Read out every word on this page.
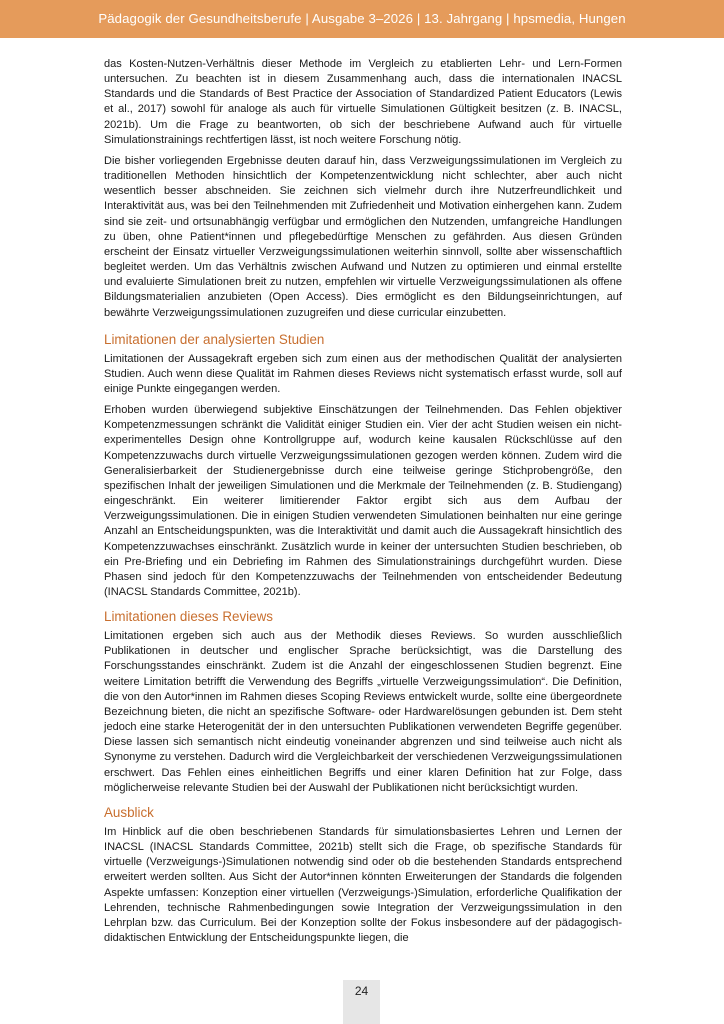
Pädagogik der Gesundheitsberufe | Ausgabe 3–2026 | 13. Jahrgang | hpsmedia, Hungen

das Kosten-Nutzen-Verhältnis dieser Methode im Vergleich zu etablierten Lehr- und Lern-Formen untersuchen. Zu beachten ist in diesem Zusammenhang auch, dass die internationalen INACSL Standards und die Standards of Best Practice der Association of Standardized Patient Educators (Lewis et al., 2017) sowohl für analoge als auch für virtuelle Simulationen Gültigkeit besitzen (z. B. INACSL, 2021b). Um die Frage zu beantworten, ob sich der beschriebene Aufwand auch für virtuelle Simulationstrainings rechtfertigen lässt, ist noch weitere Forschung nötig.

Die bisher vorliegenden Ergebnisse deuten darauf hin, dass Verzweigungssimulationen im Vergleich zu traditionellen Methoden hinsichtlich der Kompetenzentwicklung nicht schlechter, aber auch nicht wesentlich besser abschneiden. Sie zeichnen sich vielmehr durch ihre Nutzerfreundlichkeit und Interaktivität aus, was bei den Teilnehmenden mit Zufriedenheit und Motivation einhergehen kann. Zudem sind sie zeit- und ortsunabhängig verfügbar und ermöglichen den Nutzenden, umfangreiche Handlungen zu üben, ohne Patient*innen und pflegebedürftige Menschen zu gefährden. Aus diesen Gründen erscheint der Einsatz virtueller Verzweigungssimulationen weiterhin sinnvoll, sollte aber wissenschaftlich begleitet werden. Um das Verhältnis zwischen Aufwand und Nutzen zu optimieren und einmal erstellte und evaluierte Simulationen breit zu nutzen, empfehlen wir virtuelle Verzweigungssimulationen als offene Bildungsmaterialien anzubieten (Open Access). Dies ermöglicht es den Bildungseinrichtungen, auf bewährte Verzweigungssimulationen zuzugreifen und diese curricular einzubetten.

Limitationen der analysierten Studien

Limitationen der Aussagekraft ergeben sich zum einen aus der methodischen Qualität der analysierten Studien. Auch wenn diese Qualität im Rahmen dieses Reviews nicht systematisch erfasst wurde, soll auf einige Punkte eingegangen werden.

Erhoben wurden überwiegend subjektive Einschätzungen der Teilnehmenden. Das Fehlen objektiver Kompetenzmessungen schränkt die Validität einiger Studien ein. Vier der acht Studien weisen ein nicht-experimentelles Design ohne Kontrollgruppe auf, wodurch keine kausalen Rückschlüsse auf den Kompetenzzuwachs durch virtuelle Verzweigungssimulationen gezogen werden können. Zudem wird die Generalisierbarkeit der Studienergebnisse durch eine teilweise geringe Stichprobengröße, den spezifischen Inhalt der jeweiligen Simulationen und die Merkmale der Teilnehmenden (z. B. Studiengang) eingeschränkt. Ein weiterer limitierender Faktor ergibt sich aus dem Aufbau der Verzweigungssimulationen. Die in einigen Studien verwendeten Simulationen beinhalten nur eine geringe Anzahl an Entscheidungspunkten, was die Interaktivität und damit auch die Aussagekraft hinsichtlich des Kompetenzzuwachses einschränkt. Zusätzlich wurde in keiner der untersuchten Studien beschrieben, ob ein Pre-Briefing und ein Debriefing im Rahmen des Simulationstrainings durchgeführt wurden. Diese Phasen sind jedoch für den Kompetenzzuwachs der Teilnehmenden von entscheidender Bedeutung (INACSL Standards Committee, 2021b).

Limitationen dieses Reviews

Limitationen ergeben sich auch aus der Methodik dieses Reviews. So wurden ausschließlich Publikationen in deutscher und englischer Sprache berücksichtigt, was die Darstellung des Forschungsstandes einschränkt. Zudem ist die Anzahl der eingeschlossenen Studien begrenzt. Eine weitere Limitation betrifft die Verwendung des Begriffs „virtuelle Verzweigungssimulation“. Die Definition, die von den Autor*innen im Rahmen dieses Scoping Reviews entwickelt wurde, sollte eine übergeordnete Bezeichnung bieten, die nicht an spezifische Software- oder Hardwarelösungen gebunden ist. Dem steht jedoch eine starke Heterogenität der in den untersuchten Publikationen verwendeten Begriffe gegenüber. Diese lassen sich semantisch nicht eindeutig voneinander abgrenzen und sind teilweise auch nicht als Synonyme zu verstehen. Dadurch wird die Vergleichbarkeit der verschiedenen Verzweigungssimulationen erschwert. Das Fehlen eines einheitlichen Begriffs und einer klaren Definition hat zur Folge, dass möglicherweise relevante Studien bei der Auswahl der Publikationen nicht berücksichtigt wurden.

Ausblick

Im Hinblick auf die oben beschriebenen Standards für simulationsbasiertes Lehren und Lernen der INACSL (INACSL Standards Committee, 2021b) stellt sich die Frage, ob spezifische Standards für virtuelle (Verzweigungs-)Simulationen notwendig sind oder ob die bestehenden Standards entsprechend erweitert werden sollten. Aus Sicht der Autor*innen könnten Erweiterungen der Standards die folgenden Aspekte umfassen: Konzeption einer virtuellen (Verzweigungs-)Simulation, erforderliche Qualifikation der Lehrenden, technische Rahmenbedingungen sowie Integration der Verzweigungssimulation in den Lehrplan bzw. das Curriculum. Bei der Konzeption sollte der Fokus insbesondere auf der pädagogisch-didaktischen Entwicklung der Entscheidungspunkte liegen, die

24
